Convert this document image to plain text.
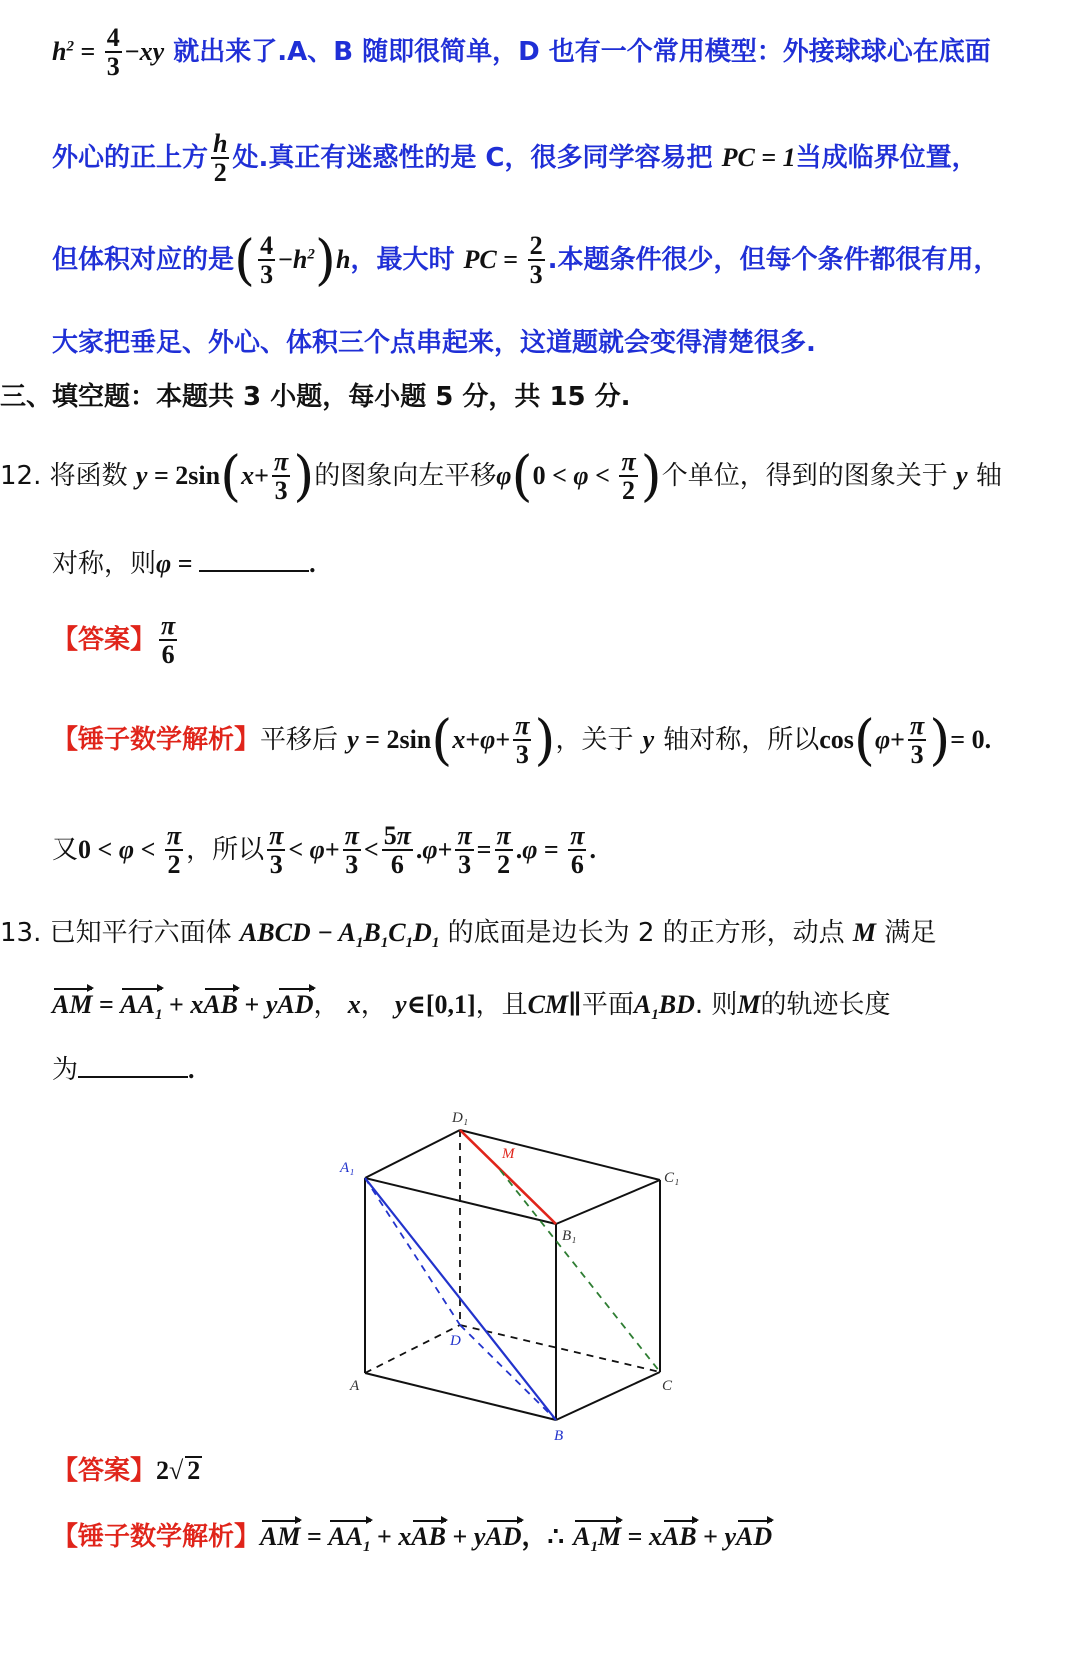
$h^2 = \frac{4}{3} -xy$ 就出来了.A、B 随即很简单，D 也有一个常用模型：外接球球心在底面
外心的正上方 $\frac{h}{2}$ 处.真正有迷惑性的是 C，很多同学容易把 PC = 1当成临界位置，
但体积对应的是( $\frac{4}{3} -h^2)h$，最大时 PC = $\frac{2}{3}$ .本题条件很少，但每个条件都很有用，
大家把垂足、外心、体积三个点串起来，这道题就会变得清楚很多.
三、填空题：本题共 3 小题，每小题 5 分，共 15 分.
12. 将函数 $y = 2\sin(x+ \frac{\pi}{3}$ )的图象向左平移$\varphi(0 < \varphi < \frac{\pi}{2}$ )个单位，得到的图象关于 y 轴
对称，则φ =	.
【答案】 $\frac{\pi}{6}$
【锤子数学解析】平移后 $y = 2\sin(x+\varphi+ \frac{\pi}{3}$ )，关于 y 轴对称，所以$\cos(\varphi+ \frac{\pi}{3}$ )= 0.
又$0 < \varphi < \frac{\pi}{2}$ ，所以 $\frac{\pi}{3} < \varphi+ \frac{\pi}{3} < \frac{5\pi}{6} .\varphi+ \frac{\pi}{3} = \frac{\pi}{2} .\varphi = \frac{\pi}{6}$ .
13. 已知平行六面体 ABCD − $A_1B_1C_1D_1$ 的底面是边长为 2 的正方形，动点 M 满足
AM = $AA_1$ + xAB + yAD， x， y∈[0,1]，且CM∥平面$A_1BD$. 则M的轨迹长度
为	.
D₁
M
A₁
C₁
B₁
D
A	C
B
【答案】2√ 2
【锤子数学解析】AM = $AA_1$ + xAB + yAD，∴ $A_1M$ = xAB + yAD
